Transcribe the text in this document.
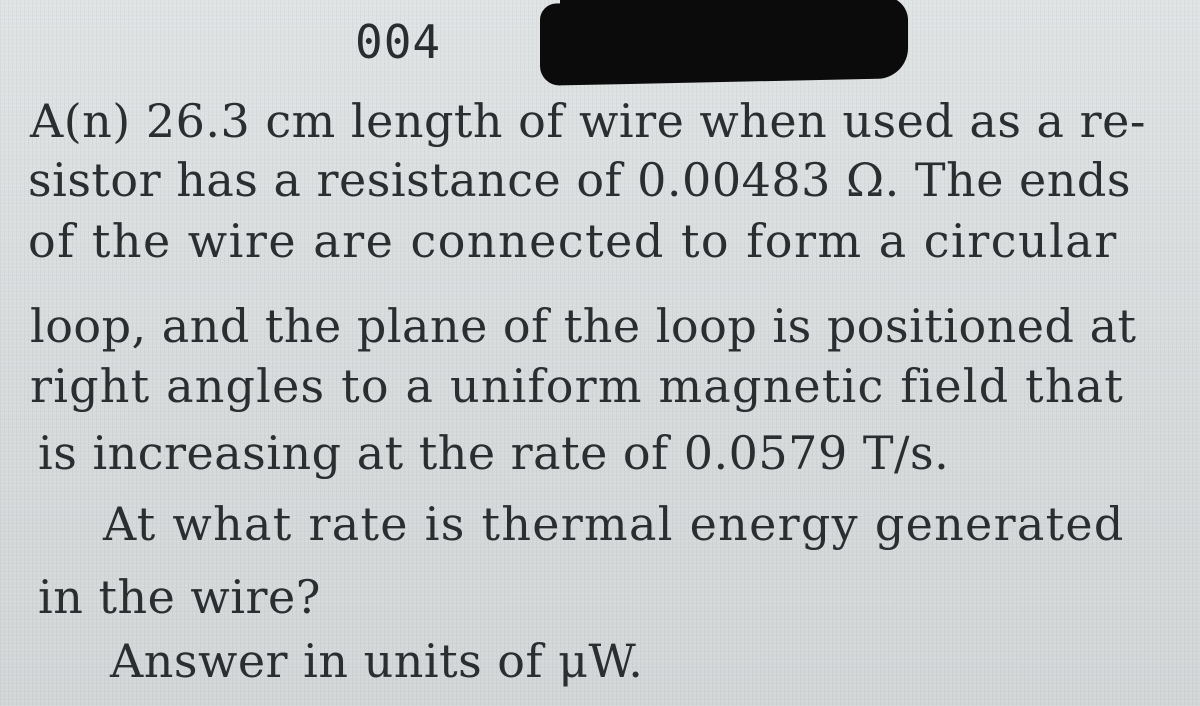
004
A(n) 26.3 cm length of wire when used as a re-
sistor has a resistance of 0.00483 Ω. The ends
of the wire are connected to form a circular
loop, and the plane of the loop is positioned at
right angles to a uniform magnetic field that
is increasing at the rate of 0.0579 T/s.
At what rate is thermal energy generated
in the wire?
Answer in units of μW.
